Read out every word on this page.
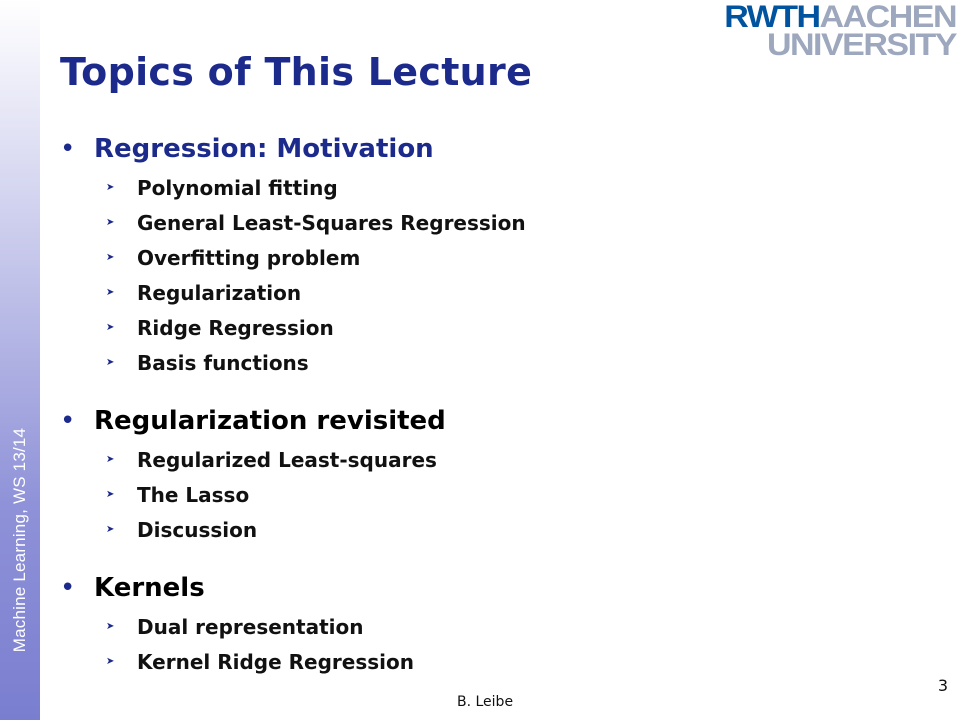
Machine Learning, WS 13/14
RWTHAACHEN
UNIVERSITY
Topics of This Lecture
• Regression: Motivation
➤	Polynomial fitting
➤	General Least-Squares Regression
➤	Overfitting problem
➤	Regularization
➤	Ridge Regression
➤	Basis functions
• Regularization revisited
➤	Regularized Least-squares
➤	The Lasso
➤	Discussion
• Kernels
➤	Dual representation
➤	Kernel Ridge Regression
B. Leibe
3
